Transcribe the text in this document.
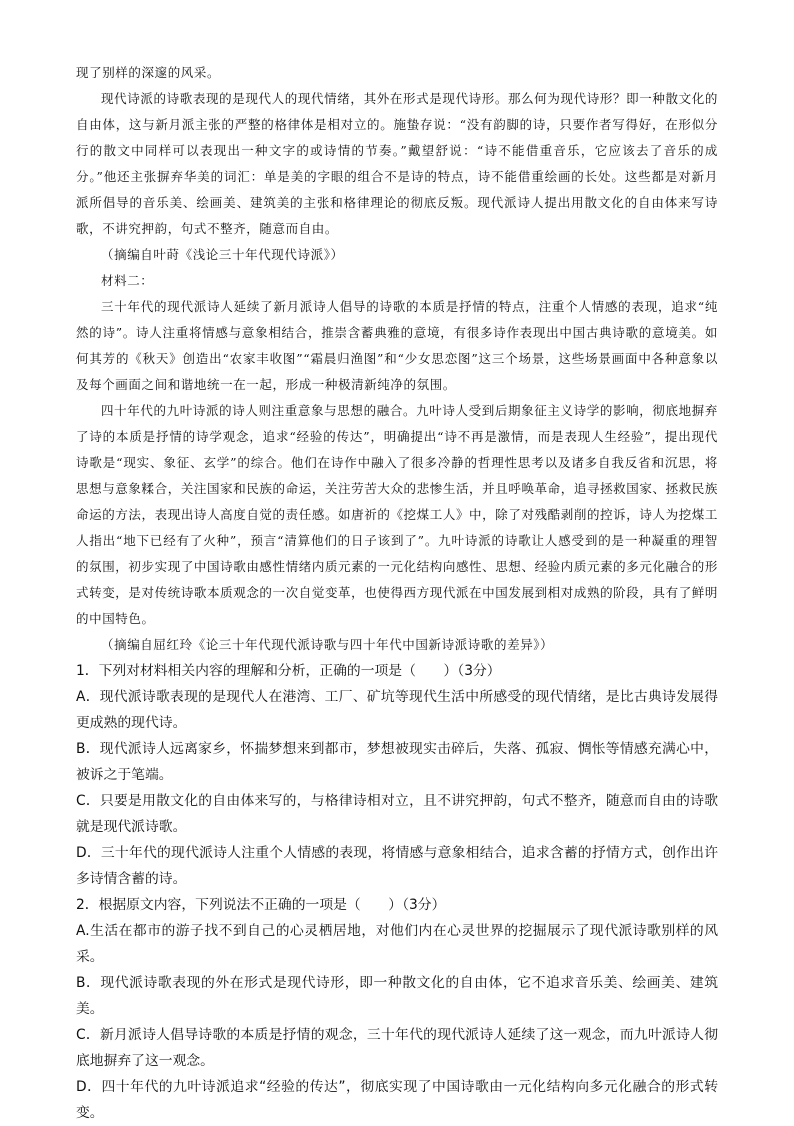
现了别样的深邃的风采。

现代诗派的诗歌表现的是现代人的现代情绪，其外在形式是现代诗形。那么何为现代诗形？即一种散文化的自由体，这与新月派主张的严整的格律体是相对立的。施蛰存说：“没有韵脚的诗，只要作者写得好，在形似分行的散文中同样可以表现出一种文字的或诗情的节奏。”戴望舒说：“诗不能借重音乐，它应该去了音乐的成分。”他还主张摒弃华美的词汇：单是美的字眼的组合不是诗的特点，诗不能借重绘画的长处。这些都是对新月派所倡导的音乐美、绘画美、建筑美的主张和格律理论的彻底反叛。现代派诗人提出用散文化的自由体来写诗歌，不讲究押韵，句式不整齐，随意而自由。

（摘编自叶莳《浅论三十年代现代诗派》）

材料二：

三十年代的现代派诗人延续了新月派诗人倡导的诗歌的本质是抒情的特点，注重个人情感的表现，追求“纯然的诗”。诗人注重将情感与意象相结合，推崇含蓄典雅的意境，有很多诗作表现出中国古典诗歌的意境美。如何其芳的《秋天》创造出“农家丰收图”“霜晨归渔图”和“少女思恋图”这三个场景，这些场景画面中各种意象以及每个画面之间和谐地统一在一起，形成一种极清新纯净的氛围。

四十年代的九叶诗派的诗人则注重意象与思想的融合。九叶诗人受到后期象征主义诗学的影响，彻底地摒弃了诗的本质是抒情的诗学观念，追求“经验的传达”，明确提出“诗不再是激情，而是表现人生经验”，提出现代诗歌是“现实、象征、玄学”的综合。他们在诗作中融入了很多冷静的哲理性思考以及诸多自我反省和沉思，将思想与意象糅合，关注国家和民族的命运，关注劳苦大众的悲惨生活，并且呼唤革命，追寻拯救国家、拯救民族命运的方法，表现出诗人高度自觉的责任感。如唐祈的《挖煤工人》中，除了对残酷剥削的控诉，诗人为挖煤工人指出“地下已经有了火种”，预言“清算他们的日子该到了”。九叶诗派的诗歌让人感受到的是一种凝重的理智的氛围，初步实现了中国诗歌由感性情绪内质元素的一元化结构向感性、思想、经验内质元素的多元化融合的形式转变，是对传统诗歌本质观念的一次自觉变革，也使得西方现代派在中国发展到相对成熟的阶段，具有了鲜明的中国特色。

（摘编自屈红玲《论三十年代现代派诗歌与四十年代中国新诗派诗歌的差异》）

1．下列对材料相关内容的理解和分析，正确的一项是（　　）（3分）

A．现代派诗歌表现的是现代人在港湾、工厂、矿坑等现代生活中所感受的现代情绪，是比古典诗发展得更成熟的现代诗。

B．现代派诗人远离家乡，怀揣梦想来到都市，梦想被现实击碎后，失落、孤寂、惆怅等情感充满心中，被诉之于笔端。

C．只要是用散文化的自由体来写的，与格律诗相对立，且不讲究押韵，句式不整齐，随意而自由的诗歌就是现代派诗歌。

D．三十年代的现代派诗人注重个人情感的表现，将情感与意象相结合，追求含蓄的抒情方式，创作出许多诗情含蓄的诗。

2．根据原文内容，下列说法不正确的一项是（　　）（3分）

A.生活在都市的游子找不到自己的心灵栖居地，对他们内在心灵世界的挖掘展示了现代派诗歌别样的风采。

B．现代派诗歌表现的外在形式是现代诗形，即一种散文化的自由体，它不追求音乐美、绘画美、建筑美。

C．新月派诗人倡导诗歌的本质是抒情的观念，三十年代的现代派诗人延续了这一观念，而九叶派诗人彻底地摒弃了这一观念。

D．四十年代的九叶诗派追求“经验的传达”，彻底实现了中国诗歌由一元化结构向多元化融合的形式转变。
